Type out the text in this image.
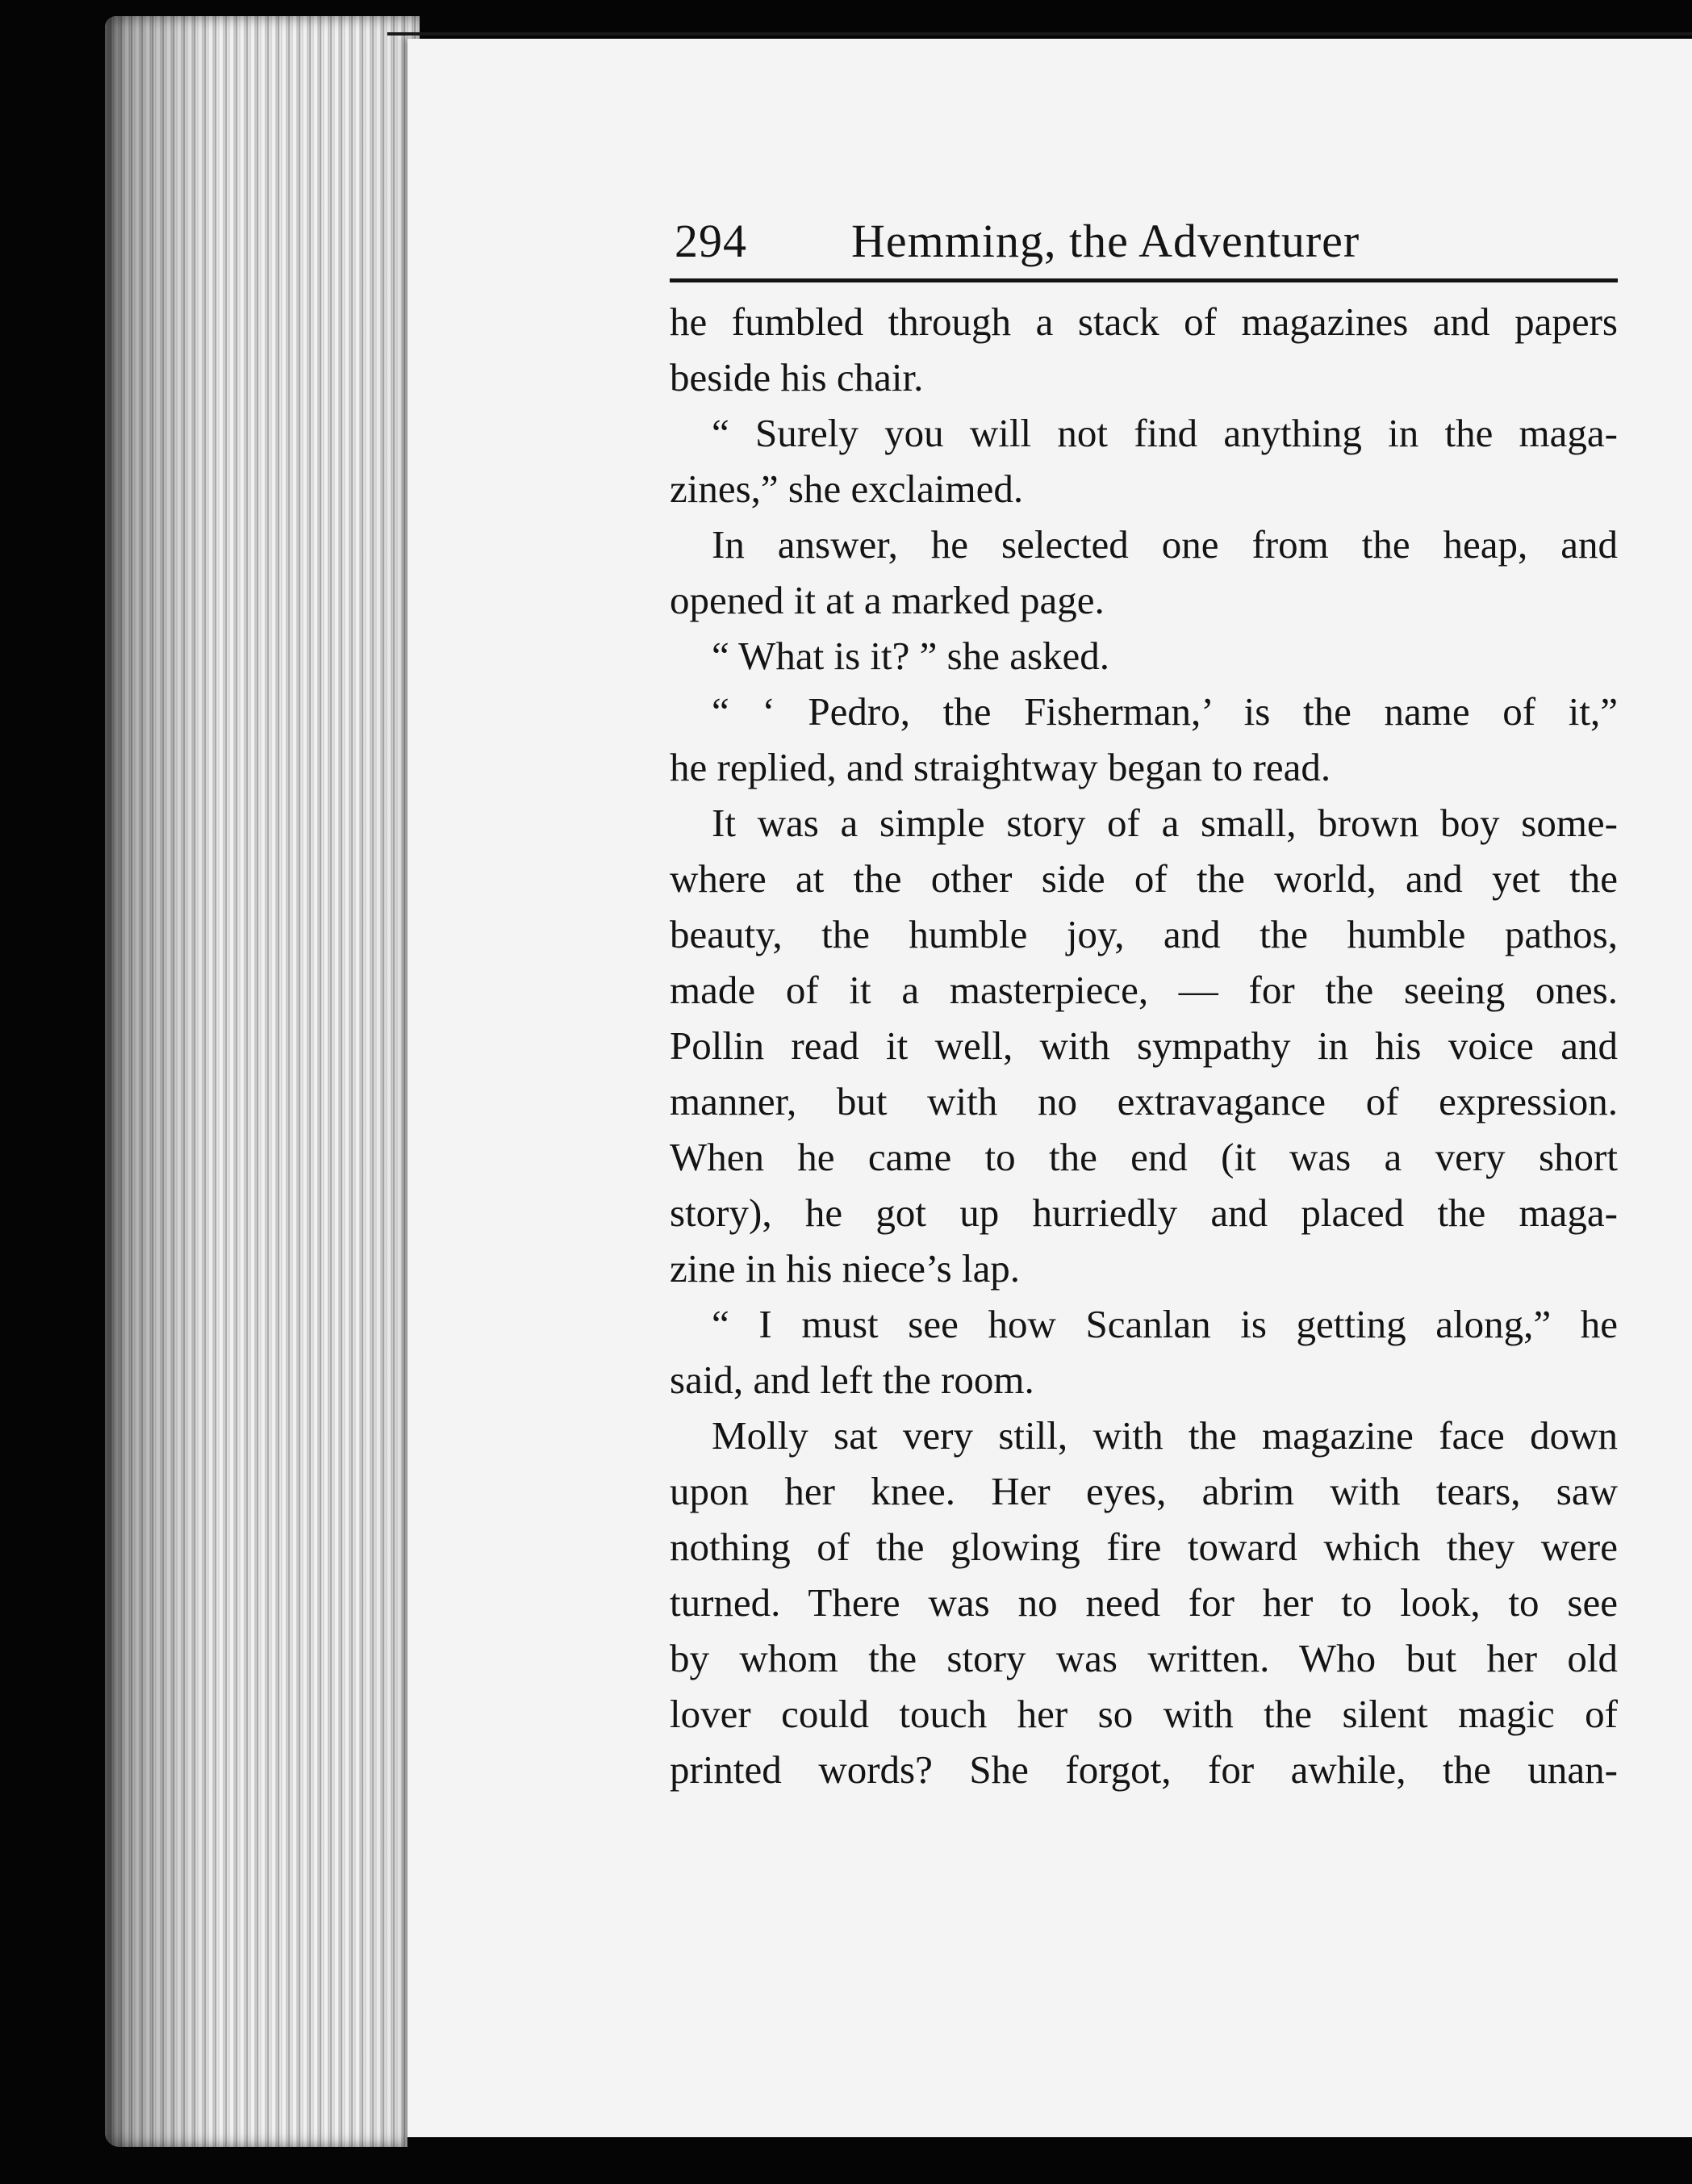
294 Hemming, the Adventurer
he fumbled through a stack of magazines and papers
beside his chair.
“ Surely you will not find anything in the maga-
zines,” she exclaimed.
In answer, he selected one from the heap, and
opened it at a marked page.
“ What is it? ” she asked.
“ ‘ Pedro, the Fisherman,’ is the name of it,”
he replied, and straightway began to read.
It was a simple story of a small, brown boy some-
where at the other side of the world, and yet the
beauty, the humble joy, and the humble pathos,
made of it a masterpiece, — for the seeing ones.
Pollin read it well, with sympathy in his voice and
manner, but with no extravagance of expression.
When he came to the end (it was a very short
story), he got up hurriedly and placed the maga-
zine in his niece’s lap.
“ I must see how Scanlan is getting along,” he
said, and left the room.
Molly sat very still, with the magazine face down
upon her knee. Her eyes, abrim with tears, saw
nothing of the glowing fire toward which they were
turned. There was no need for her to look, to see
by whom the story was written. Who but her old
lover could touch her so with the silent magic of
printed words? She forgot, for awhile, the unan-
